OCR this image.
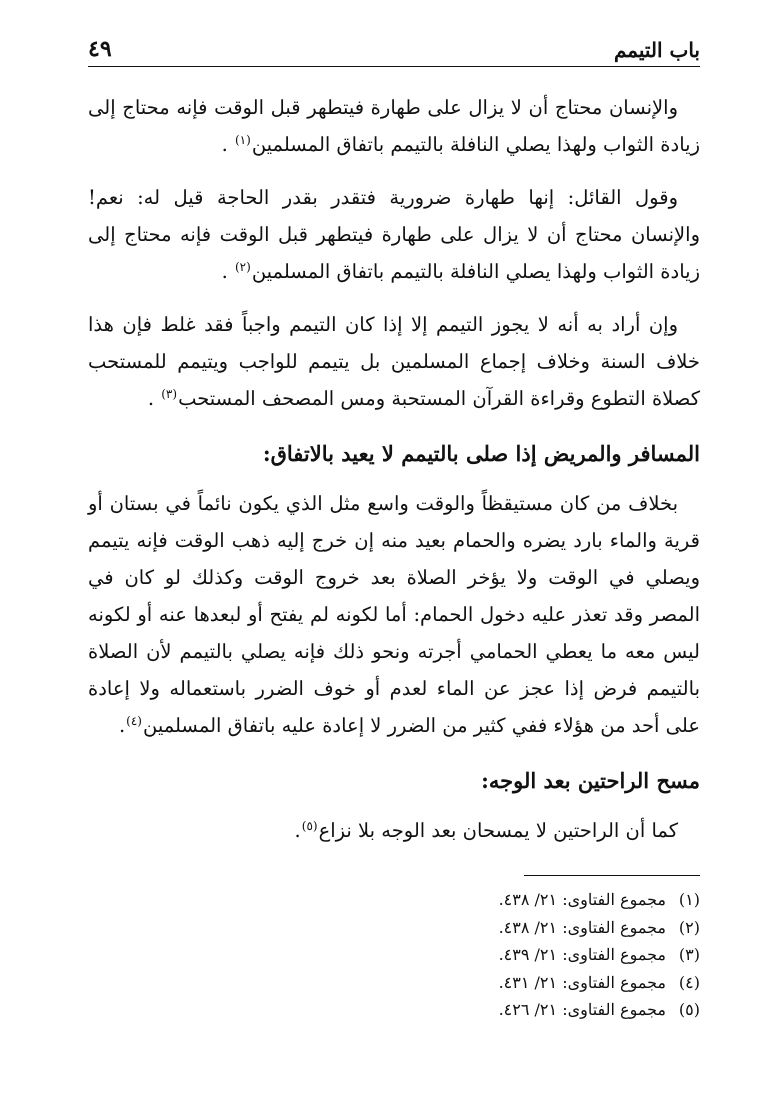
باب التيمم
٤٩

والإنسان محتاج أن لا يزال على طهارة فيتطهر قبل الوقت فإنه محتاج إلى زيادة الثواب ولهذا يصلي النافلة بالتيمم باتفاق المسلمين$^{(١)}$ .

وقول القائل: إنها طهارة ضرورية فتقدر بقدر الحاجة قيل له: نعم! والإنسان محتاج أن لا يزال على طهارة فيتطهر قبل الوقت فإنه محتاج إلى زيادة الثواب ولهذا يصلي النافلة بالتيمم باتفاق المسلمين$^{(٢)}$ .

وإن أراد به أنه لا يجوز التيمم إلا إذا كان التيمم واجباً فقد غلط فإن هذا خلاف السنة وخلاف إجماع المسلمين بل يتيمم للواجب ويتيمم للمستحب كصلاة التطوع وقراءة القرآن المستحبة ومس المصحف المستحب$^{(٣)}$ .

المسافر والمريض إذا صلى بالتيمم لا يعيد بالاتفاق:

بخلاف من كان مستيقظاً والوقت واسع مثل الذي يكون نائماً في بستان أو قرية والماء بارد يضره والحمام بعيد منه إن خرج إليه ذهب الوقت فإنه يتيمم ويصلي في الوقت ولا يؤخر الصلاة بعد خروج الوقت وكذلك لو كان في المصر وقد تعذر عليه دخول الحمام: أما لكونه لم يفتح أو لبعدها عنه أو لكونه ليس معه ما يعطي الحمامي أجرته ونحو ذلك فإنه يصلي بالتيمم لأن الصلاة بالتيمم فرض إذا عجز عن الماء لعدم أو خوف الضرر باستعماله ولا إعادة على أحد من هؤلاء ففي كثير من الضرر لا إعادة عليه باتفاق المسلمين$^{(٤)}$.

مسح الراحتين بعد الوجه:

كما أن الراحتين لا يمسحان بعد الوجه بلا نزاع$^{(٥)}$.

(١)
مجموع الفتاوى: ٢١/ ٤٣٨.
(٢)
مجموع الفتاوى: ٢١/ ٤٣٨.
(٣)
مجموع الفتاوى: ٢١/ ٤٣٩.
(٤)
مجموع الفتاوى: ٢١/ ٤٣١.
(٥)
مجموع الفتاوى: ٢١/ ٤٢٦.
